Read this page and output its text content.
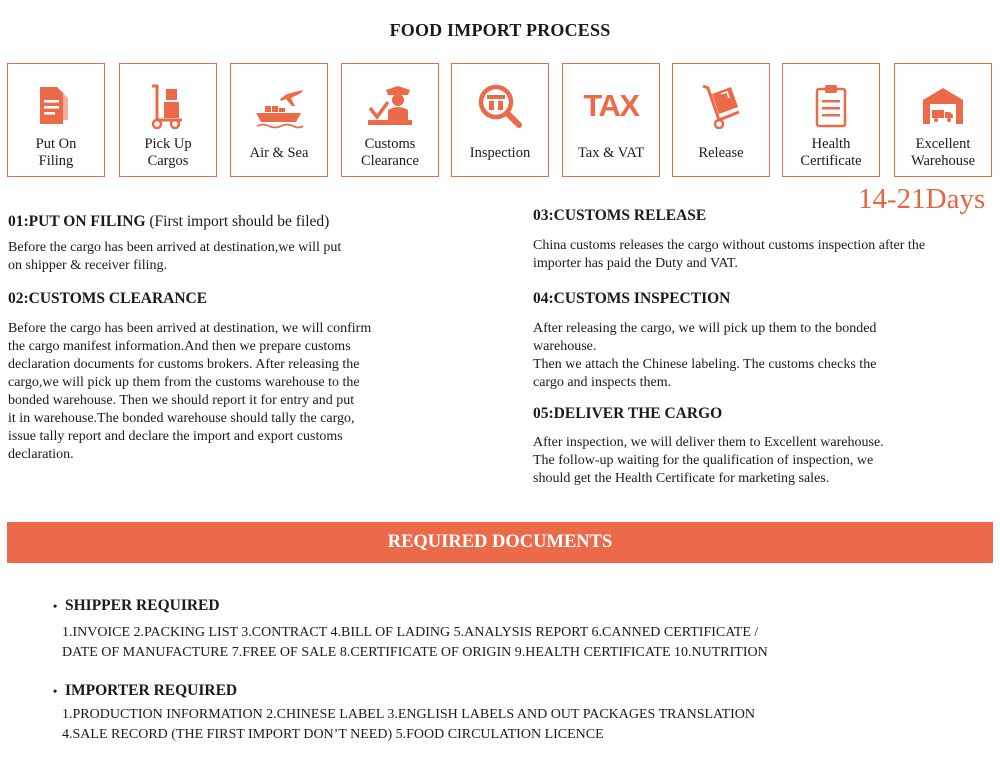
FOOD IMPORT PROCESS
Put On
Filing
Pick Up
Cargos
Air & Sea
Customs
Clearance
Inspection
TAX
Tax & VAT	Release
Health
Certificate
Excellent
Warehouse
14-21Days
01:PUT ON FILING (First import should be filed)
Before the cargo has been arrived at destination,we will put
on shipper & receiver filing.
02:CUSTOMS CLEARANCE
Before the cargo has been arrived at destination, we will confirm
the cargo manifest information.And then we prepare customs
declaration documents for customs brokers. After releasing the
cargo,we will pick up them from the customs warehouse to the
bonded warehouse. Then we should report it for entry and put
it in warehouse.The bonded warehouse should tally the cargo,
issue tally report and declare the import and export customs
declaration.
03:CUSTOMS RELEASE
China customs releases the cargo without customs inspection after the
importer has paid the Duty and VAT.
04:CUSTOMS INSPECTION
After releasing the cargo, we will pick up them to the bonded
warehouse.
Then we attach the Chinese labeling. The customs checks the
cargo and inspects them.
05:DELIVER THE CARGO
After inspection, we will deliver them to Excellent warehouse.
The follow-up waiting for the qualification of inspection, we
should get the Health Certificate for marketing sales.
REQUIRED DOCUMENTS
• SHIPPER REQUIRED
1.INVOICE 2.PACKING LIST 3.CONTRACT 4.BILL OF LADING 5.ANALYSIS REPORT 6.CANNED CERTIFICATE /
DATE OF MANUFACTURE 7.FREE OF SALE 8.CERTIFICATE OF ORIGIN 9.HEALTH CERTIFICATE 10.NUTRITION
• IMPORTER REQUIRED
1.PRODUCTION INFORMATION 2.CHINESE LABEL 3.ENGLISH LABELS AND OUT PACKAGES TRANSLATION
4.SALE RECORD (THE FIRST IMPORT DON’T NEED) 5.FOOD CIRCULATION LICENCE
